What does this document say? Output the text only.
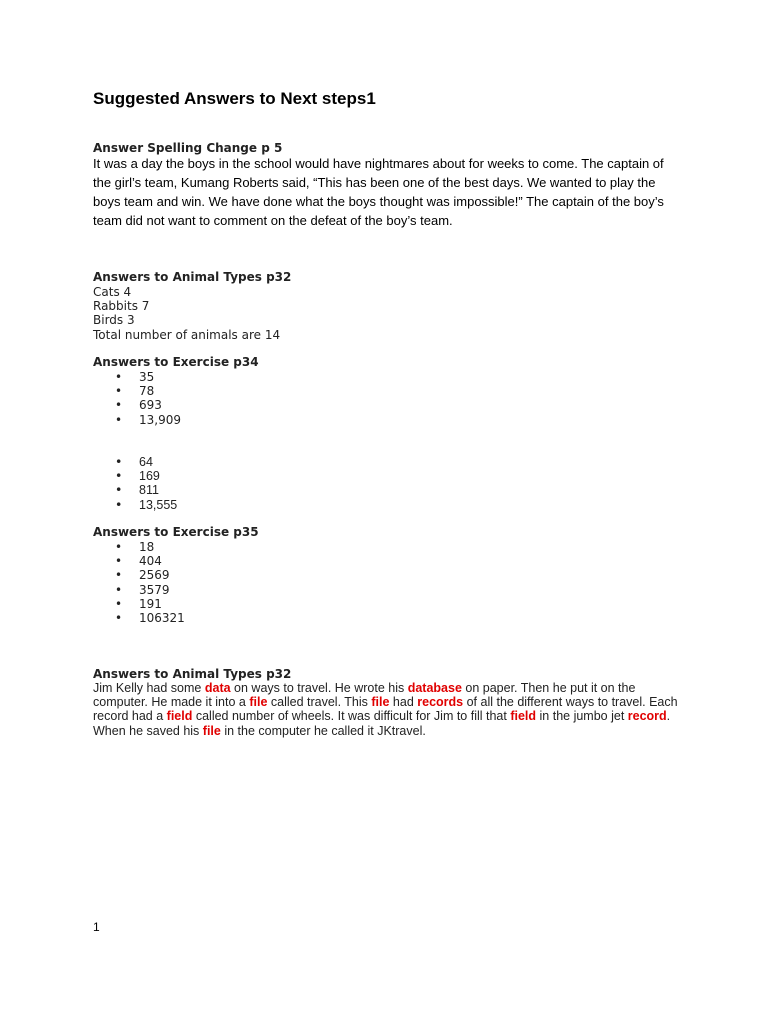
Suggested Answers to Next steps1
Answer Spelling Change p 5

It was a day the boys in the school would have nightmares about for weeks to come. The captain of the girl’s team, Kumang Roberts said, “This has been one of the best days. We wanted to play the boys team and win. We have done what the boys thought was impossible!” The captain of the boy’s team did not want to comment on the defeat of the boy’s team.

Answers to Animal Types p32
Cats 4
Rabbits 7
Birds 3
Total number of animals are 14
Answers to Exercise p34
• 35
• 78
• 693
• 13,909
• 64
• 169
• 811
• 13,555
Answers to Exercise p35
• 18
• 404
• 2569
• 3579
• 191
• 106321
Answers to Animal Types p32

Jim Kelly had some data on ways to travel. He wrote his database on paper. Then he put it on the computer. He made it into a file called travel. This file had records of all the different ways to travel. Each record had a field called number of wheels. It was difficult for Jim to fill that field in the jumbo jet record. When he saved his file in the computer he called it JKtravel.

1
